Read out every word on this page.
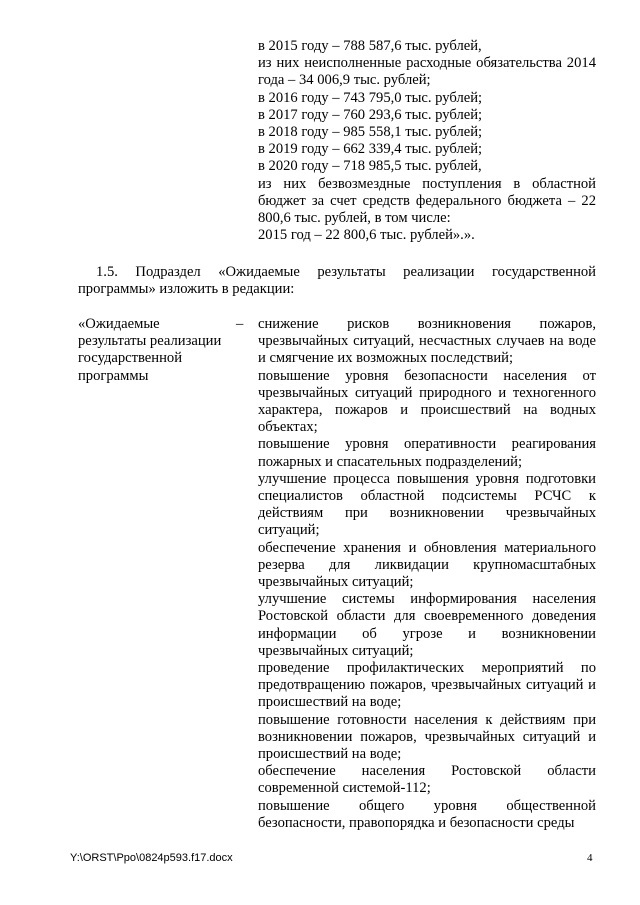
в 2015 году – 788 587,6 тыс. рублей,

из них неисполненные расходные обязательства 2014 года – 34 006,9 тыс. рублей;

в 2016 году – 743 795,0 тыс. рублей;

в 2017 году – 760 293,6 тыс. рублей;

в 2018 году – 985 558,1 тыс. рублей;

в 2019 году – 662 339,4 тыс. рублей;

в 2020 году – 718 985,5 тыс. рублей,

из них безвозмездные поступления в областной бюджет за счет средств федерального бюджета – 22 800,6 тыс. рублей, в том числе:

2015 год – 22 800,6 тыс. рублей».».

1.5. Подраздел «Ожидаемые результаты реализации государственной программы» изложить в редакции:

«Ожидаемые результаты реализации государственной программы
– снижение рисков возникновения пожаров, чрезвычайных ситуаций, несчастных случаев на воде и смягчение их возможных последствий;

повышение уровня безопасности населения от чрезвычайных ситуаций природного и техногенного характера, пожаров и происшествий на водных объектах;

повышение уровня оперативности реагирования пожарных и спасательных подразделений;

улучшение процесса повышения уровня подготовки специалистов областной подсистемы РСЧС к действиям при возникновении чрезвычайных ситуаций;

обеспечение хранения и обновления материального резерва для ликвидации крупномасштабных чрезвычайных ситуаций;

улучшение системы информирования населения Ростовской области для своевременного доведения информации об угрозе и возникновении чрезвычайных ситуаций;

проведение профилактических мероприятий по предотвращению пожаров, чрезвычайных ситуаций и происшествий на воде;

повышение готовности населения к действиям при возникновении пожаров, чрезвычайных ситуаций и происшествий на воде;

обеспечение населения Ростовской области современной системой-112;

повышение общего уровня общественной безопасности, правопорядка и безопасности среды

Y:\ORST\Ppo\0824p593.f17.docx	4
